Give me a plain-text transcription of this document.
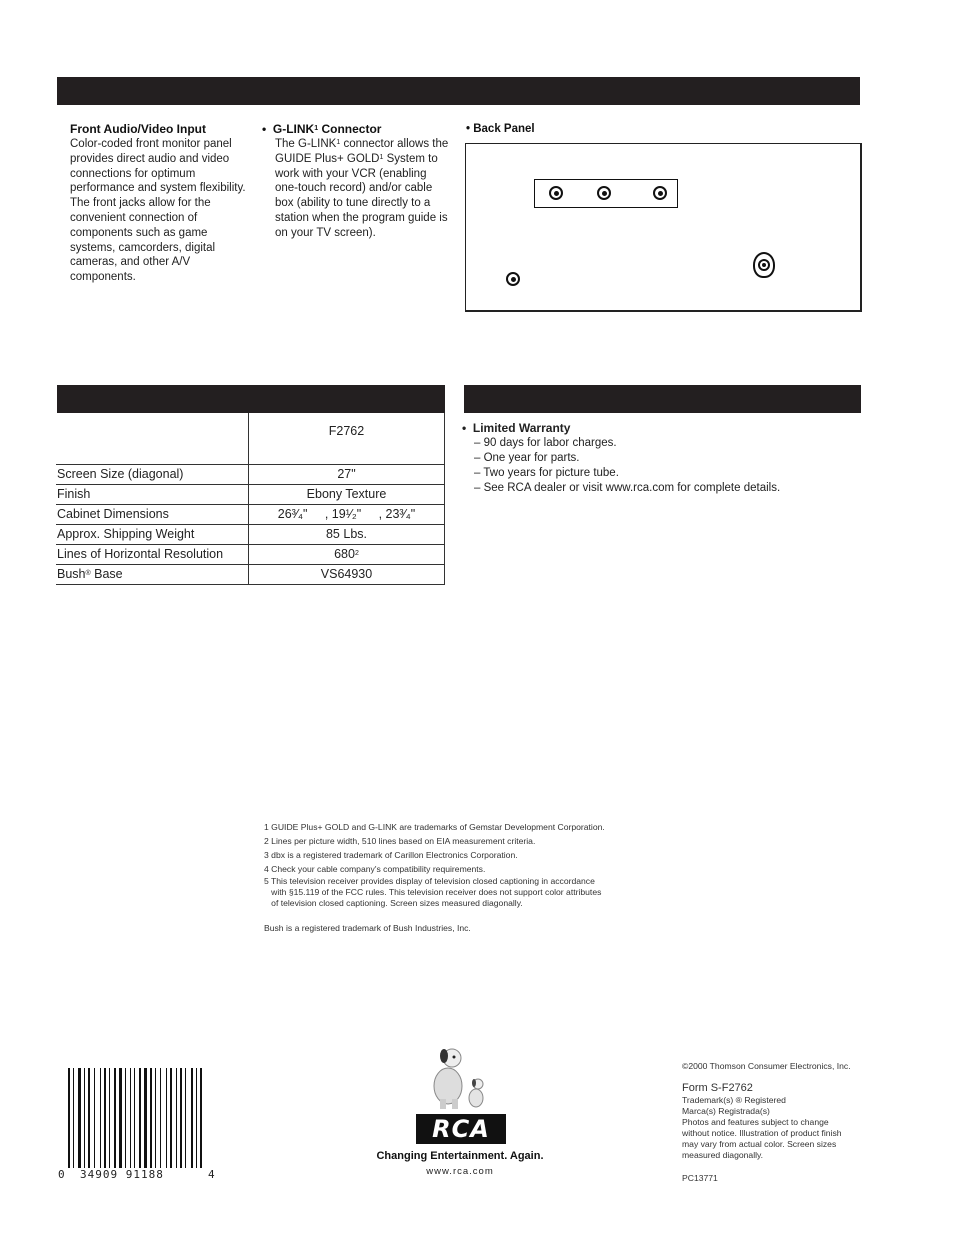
Front Audio/Video Input
Color-coded front monitor panel provides direct audio and video connections for optimum performance and system flexibility. The front jacks allow for the convenient connection of components such as game systems, camcorders, digital cameras, and other A/V components.
• G-LINK$^1$ Connector
The G-LINK$^1$ connector allows the GUIDE Plus+ $GOLD^1$ System to work with your VCR (enabling one-touch record) and/or cable box (ability to tune directly to a station when the program guide is on your TV screen).
• Back Panel
	F2762
Screen Size (diagonal)	27"
Finish	Ebony Texture
Cabinet Dimensions	26³⁄₄"     , 19¹⁄₂"     , 23³⁄₄"
Approx. Shipping Weight	85 Lbs.
Lines of Horizontal Resolution	$680^2$
Bush® Base	VS64930
•  Limited Warranty
– 90 days for labor charges.
– One year for parts.
– Two years for picture tube.
– See RCA dealer or visit www.rca.com for complete details.
1 GUIDE Plus+ GOLD and G-LINK are trademarks of Gemstar Development Corporation.
2 Lines per picture width, 510 lines based on EIA measurement criteria.
3 dbx is a registered trademark of Carillon Electronics Corporation.
4 Check your cable company's compatibility requirements.
5 This television receiver provides display of television closed captioning in accordance
with §15.119 of the FCC rules. This television receiver does not support color attributes
of television closed captioning. Screen sizes measured diagonally.
Bush is a registered trademark of Bush Industries, Inc.
0 34909 91188	4
RCA
Changing Entertainment. Again.
www.rca.com
©2000 Thomson Consumer Electronics, Inc.
Form S-F2762
Trademark(s) ® Registered
Marca(s) Registrada(s)
Photos and features subject to change without notice. Illustration of product finish may vary from actual color. Screen sizes measured diagonally.
PC13771
